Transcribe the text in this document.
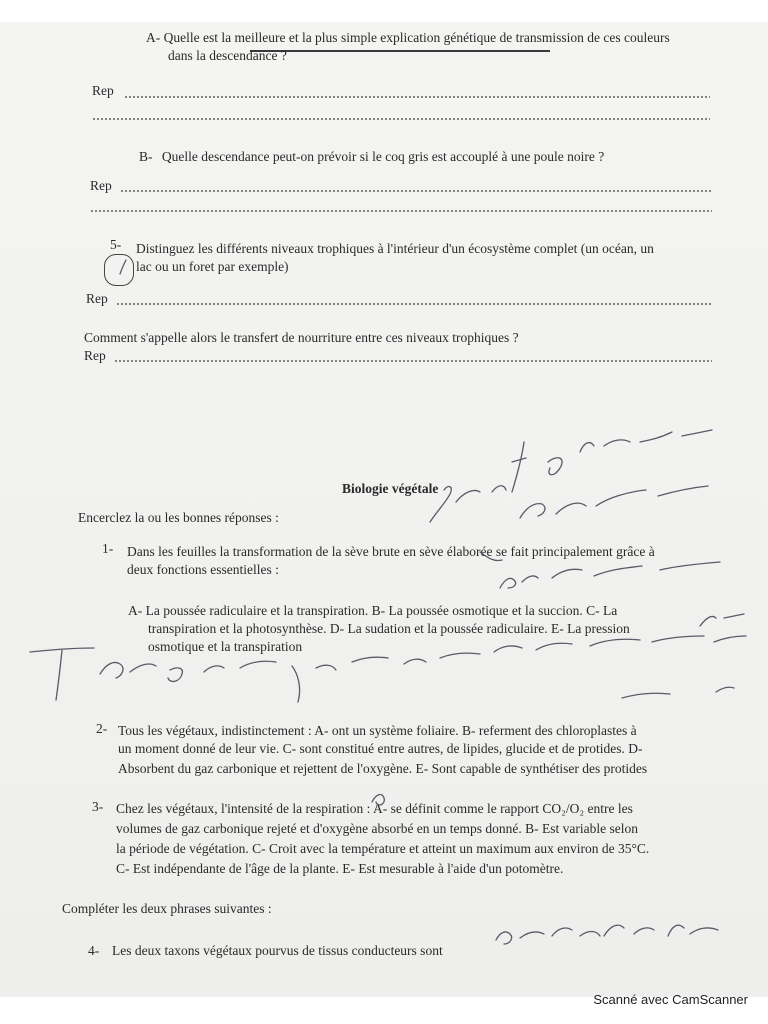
A- Quelle est la meilleure et la plus simple explication génétique de transmission de ces couleurs
dans la descendance ?
Rep
B- Quelle descendance peut-on prévoir si le coq gris est accouplé à une poule noire ?
Rep
5- Distinguez les différents niveaux trophiques à l'intérieur d'un écosystème complet (un océan, un
lac ou un foret par exemple)
Rep
Comment s'appelle alors le transfert de nourriture entre ces niveaux trophiques ?
Rep
Biologie végétale
Encerclez la ou les bonnes réponses :
1- Dans les feuilles la transformation de la sève brute en sève élaborée se fait principalement grâce à
deux fonctions essentielles :
A- La poussée radiculaire et la transpiration. B- La poussée osmotique et la succion. C- La
transpiration et la photosynthèse. D- La sudation et la poussée radiculaire. E- La pression
osmotique et la transpiration
2- Tous les végétaux, indistinctement : A- ont un système foliaire. B- referment des chloroplastes à
un moment donné de leur vie. C- sont constitué entre autres, de lipides, glucide et de protides. D-
Absorbent du gaz carbonique et rejettent de l'oxygène. E- Sont capable de synthétiser des protides
3- Chez les végétaux, l'intensité de la respiration : A- se définit comme le rapport CO₂/O₂ entre les
volumes de gaz carbonique rejeté et d'oxygène absorbé en un temps donné. B- Est variable selon
la période de végétation. C- Croit avec la température et atteint un maximum aux environ de 35°C.
C- Est indépendante de l'âge de la plante. E- Est mesurable à l'aide d'un potomètre.
Compléter les deux phrases suivantes :
4- Les deux taxons végétaux pourvus de tissus conducteurs sont
Scanné avec CamScanner
